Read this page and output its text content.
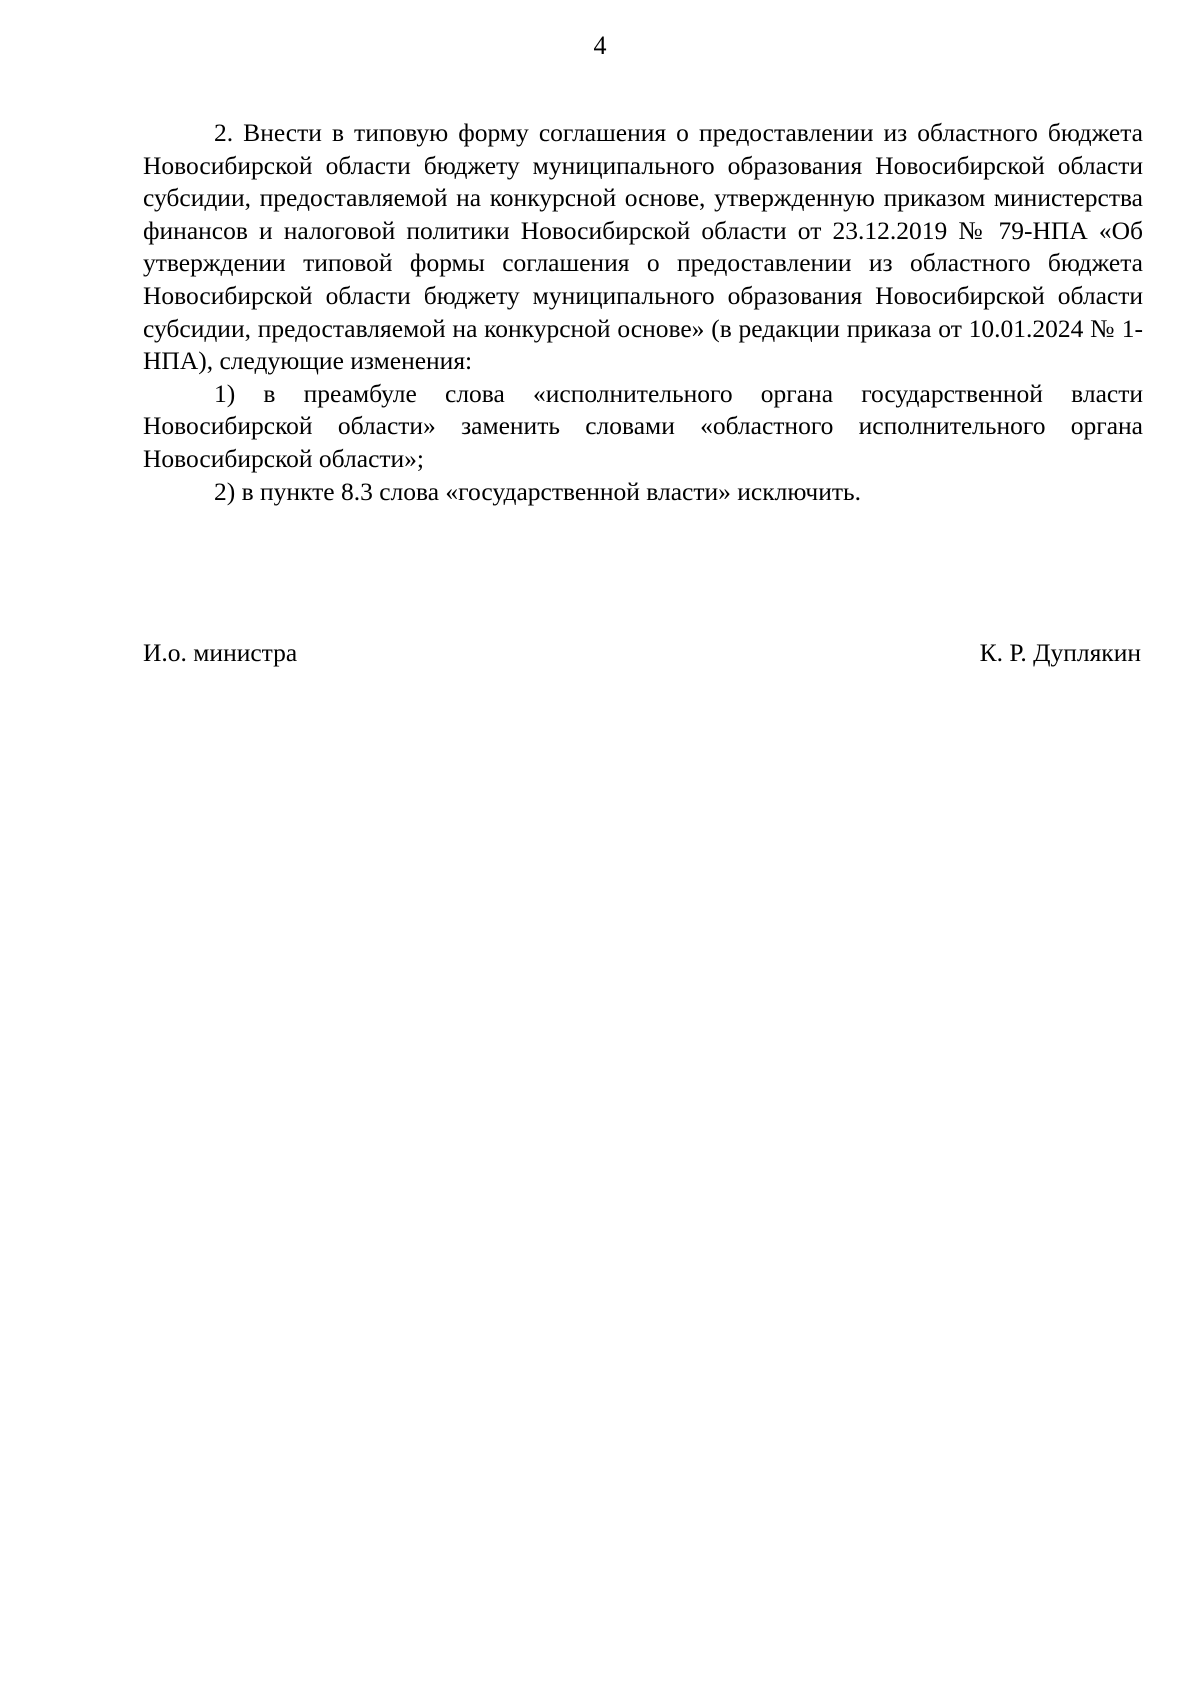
4

2. Внести в типовую форму соглашения о предоставлении из областного бюджета Новосибирской области бюджету муниципального образования Новосибирской области субсидии, предоставляемой на конкурсной основе, утвержденную приказом министерства финансов и налоговой политики Новосибирской области от 23.12.2019 № 79-НПА «Об утверждении типовой формы соглашения о предоставлении из областного бюджета Новосибирской области бюджету муниципального образования Новосибирской области субсидии, предоставляемой на конкурсной основе» (в редакции приказа от 10.01.2024 № 1-НПА), следующие изменения:

1) в преамбуле слова «исполнительного органа государственной власти Новосибирской области» заменить словами «областного исполнительного органа Новосибирской области»;

2) в пункте 8.3 слова «государственной власти» исключить.

И.о. министра	К. Р. Дуплякин
